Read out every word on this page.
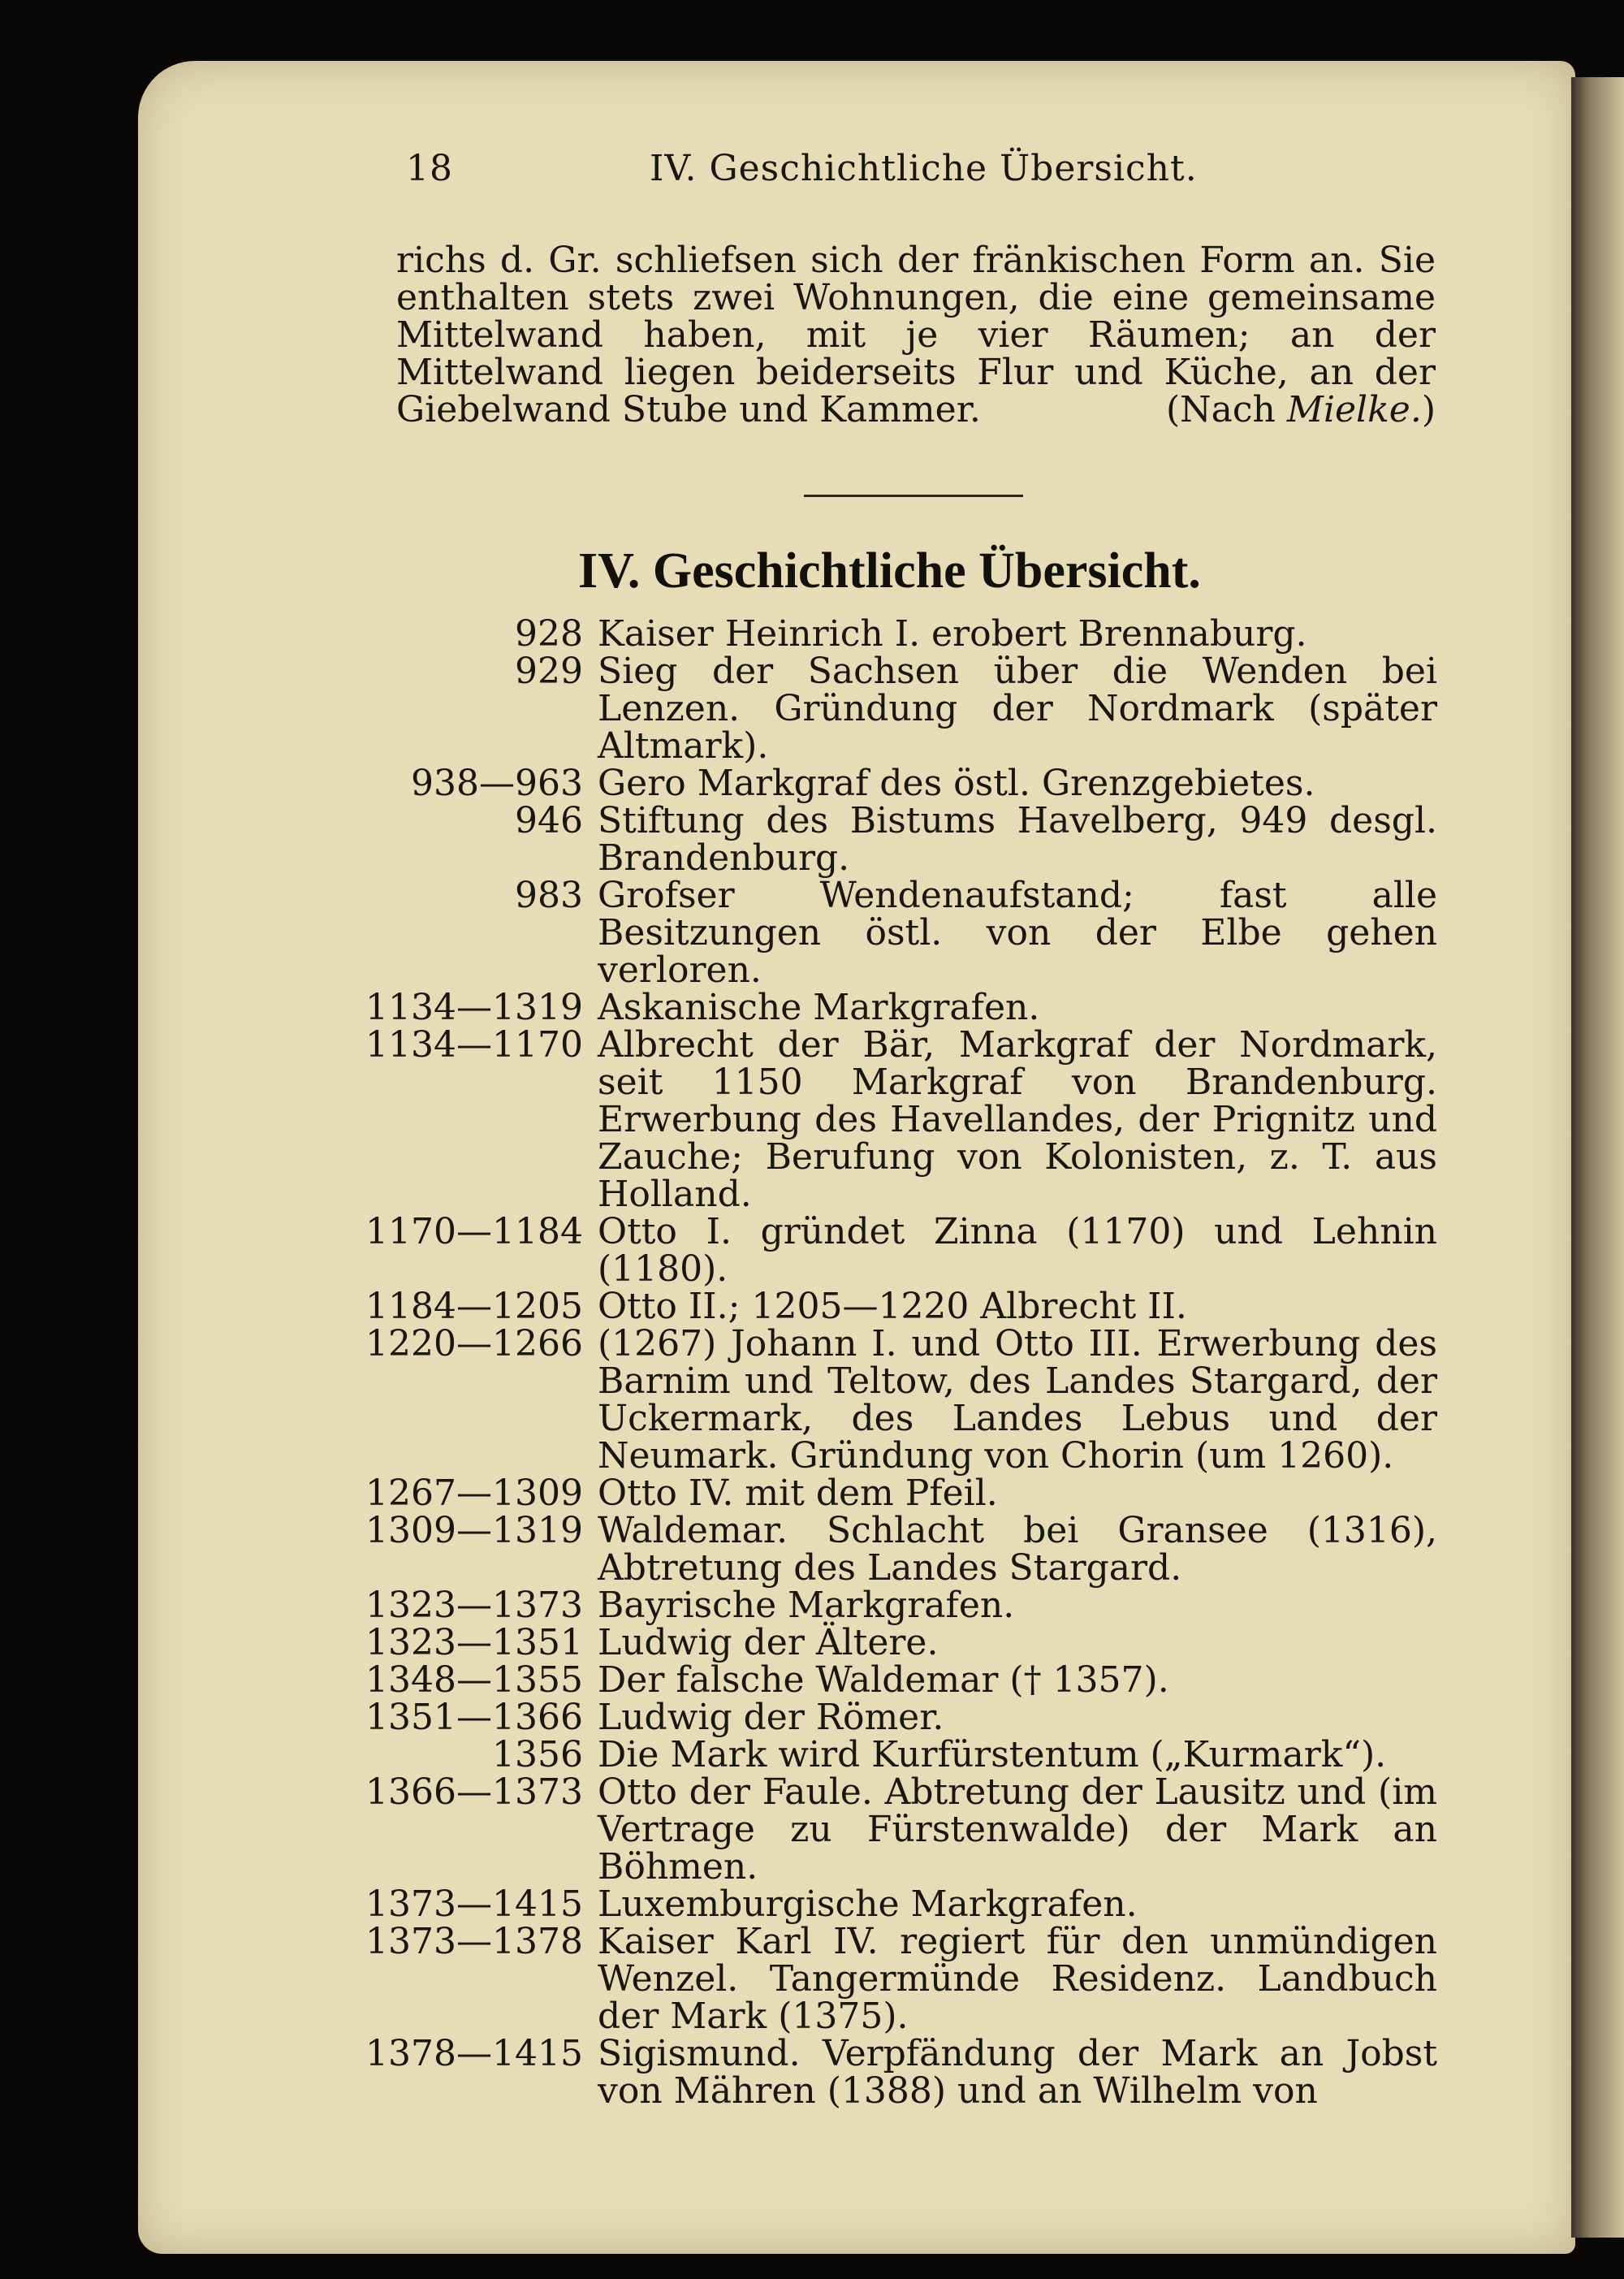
18	IV. Geschichtliche Übersicht.

richs d. Gr. schliefsen sich der fränkischen Form an. Sie enthalten stets zwei Wohnungen, die eine gemeinsame Mittelwand haben, mit je vier Räumen; an der Mittelwand liegen beiderseits Flur und Küche, an der Giebelwand Stube und Kammer.	(Nach Mielke.)

IV. Geschichtliche Übersicht.
928 Kaiser Heinrich I. erobert Brennaburg.
929 Sieg der Sachsen über die Wenden bei Lenzen. Gründung der Nordmark (später Altmark).
938—963 Gero Markgraf des östl. Grenzgebietes.
946 Stiftung des Bistums Havelberg, 949 desgl. Brandenburg.
983 Grofser Wendenaufstand; fast alle Besitzungen östl. von der Elbe gehen verloren.
1134—1319 Askanische Markgrafen.
1134—1170 Albrecht der Bär, Markgraf der Nordmark, seit 1150 Markgraf von Brandenburg. Erwerbung des Havellandes, der Prignitz und Zauche; Berufung von Kolonisten, z. T. aus Holland.
1170—1184 Otto I. gründet Zinna (1170) und Lehnin (1180).
1184—1205 Otto II.; 1205—1220 Albrecht II.
1220—1266 (1267) Johann I. und Otto III. Erwerbung des Barnim und Teltow, des Landes Stargard, der Uckermark, des Landes Lebus und der Neumark. Gründung von Chorin (um 1260).
1267—1309 Otto IV. mit dem Pfeil.
1309—1319 Waldemar. Schlacht bei Gransee (1316), Abtretung des Landes Stargard.
1323—1373 Bayrische Markgrafen.
1323—1351 Ludwig der Ältere.
1348—1355 Der falsche Waldemar († 1357).
1351—1366 Ludwig der Römer.
1356 Die Mark wird Kurfürstentum („Kurmark“).
1366—1373 Otto der Faule. Abtretung der Lausitz und (im Vertrage zu Fürstenwalde) der Mark an Böhmen.
1373—1415 Luxemburgische Markgrafen.
1373—1378 Kaiser Karl IV. regiert für den unmündigen Wenzel. Tangermünde Residenz. Landbuch der Mark (1375).
1378—1415 Sigismund. Verpfändung der Mark an Jobst von Mähren (1388) und an Wilhelm von
